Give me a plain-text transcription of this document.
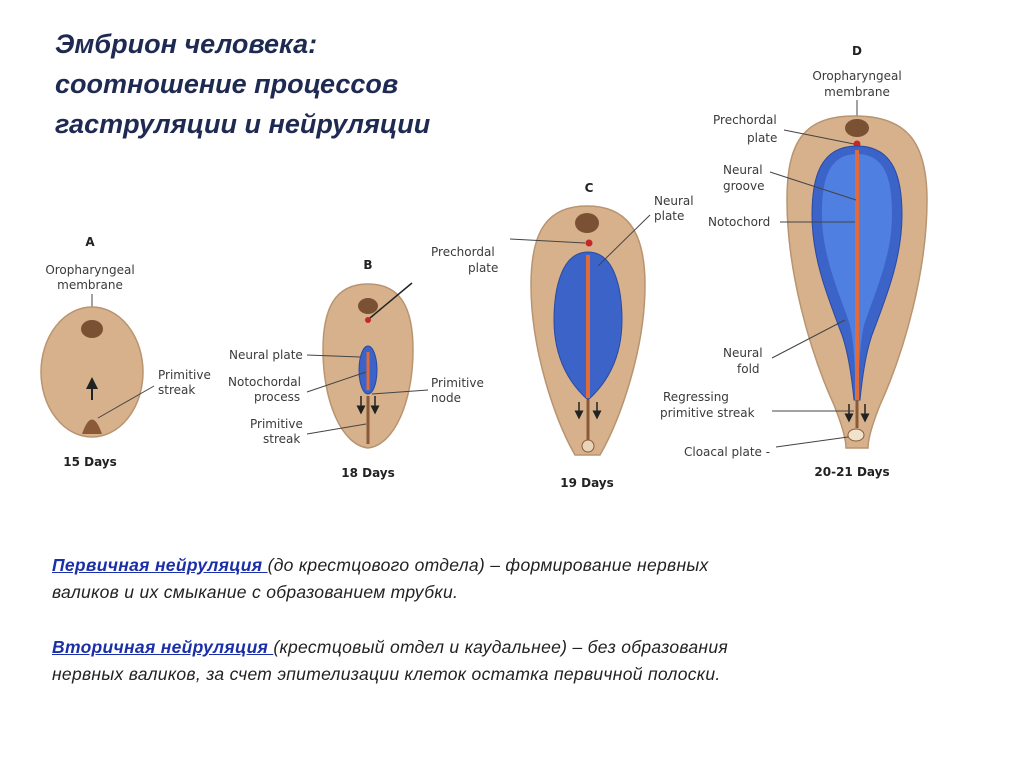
Эмбрион человека:
соотношение процессов
гаструляции и нейруляции
A
Oropharyngeal
membrane
Primitive
streak
15 Days
B
Neural plate
Notochordal
process
Primitive
streak
Primitive
node
18 Days
C
Neural
plate
Prechordal
plate
19 Days
D
Oropharyngeal
membrane
Prechordal
plate
Neural
groove
Notochord
Neural
fold
Regressing
primitive streak
Cloacal plate -
20-21 Days

Первичная нейруляция (до крестцового отдела) – формирование нервных
валиков и их смыкание с образованием трубки.

Вторичная нейруляция (крестцовый отдел и каудальнее) – без образования
нервных валиков, за счет эпителизации клеток остатка первичной полоски.
